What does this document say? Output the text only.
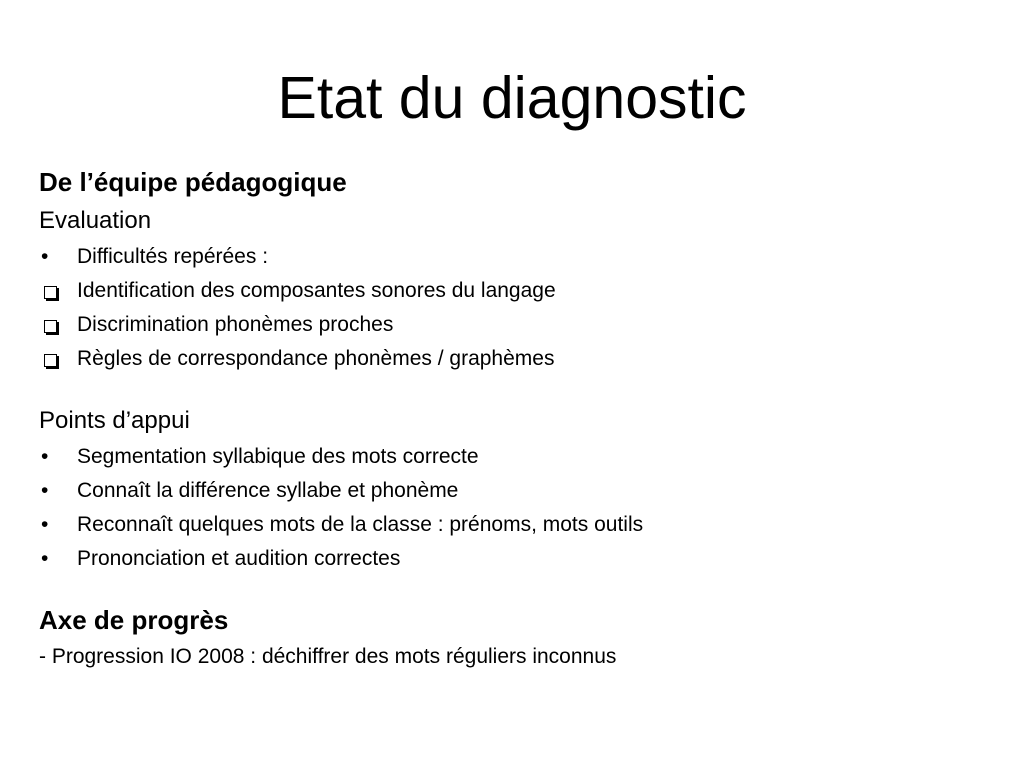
Etat du diagnostic

De l’équipe pédagogique

Evaluation

•	Difficultés repérées :
Identification des composantes sonores du langage
Discrimination phonèmes proches
Règles de correspondance phonèmes / graphèmes

Points d’appui

•	Segmentation syllabique des mots correcte
•	Connaît la différence syllabe et phonème
•	Reconnaît quelques mots de la classe : prénoms, mots outils
•	Prononciation et audition correctes

Axe de progrès

- Progression IO 2008 : déchiffrer des mots réguliers inconnus
